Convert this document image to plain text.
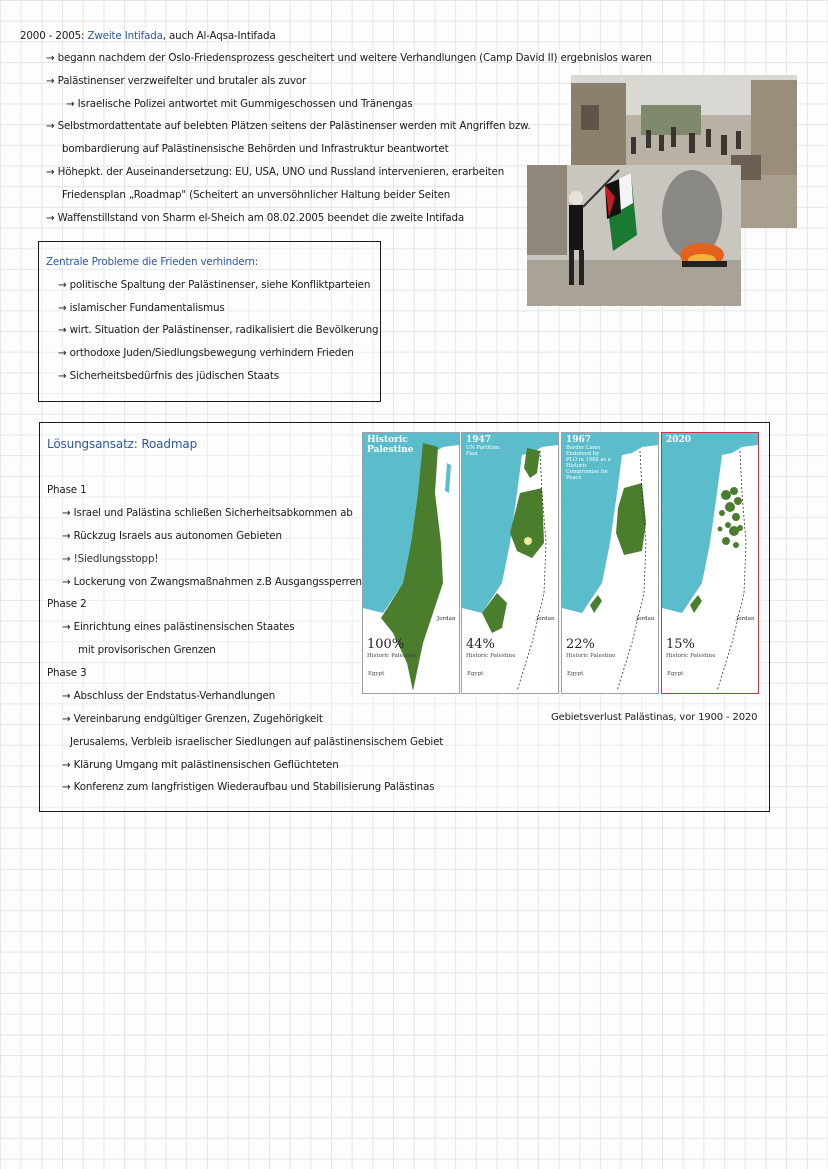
2000 - 2005: Zweite Intifada, auch Al-Aqsa-Intifada
→ begann nachdem der Oslo-Friedensprozess gescheitert und weitere Verhandlungen (Camp David II) ergebnislos waren
→ Palästinenser verzweifelter und brutaler als zuvor
→ Israelische Polizei antwortet mit Gummigeschossen und Tränengas
→ Selbstmordattentate auf belebten Plätzen seitens der Palästinenser werden mit Angriffen bzw.
bombardierung auf Palästinensische Behörden und Infrastruktur beantwortet
→ Höhepkt. der Auseinandersetzung: EU, USA, UNO und Russland intervenieren, erarbeiten
Friedensplan „Roadmap" (Scheitert an unversöhnlicher Haltung beider Seiten
→ Waffenstillstand von Sharm el-Sheich am 08.02.2005 beendet die zweite Intifada
Zentrale Probleme die Frieden verhindern:
→ politische Spaltung der Palästinenser, siehe Konfliktparteien
→ islamischer Fundamentalismus
→ wirt. Situation der Palästinenser, radikalisiert die Bevölkerung
→ orthodoxe Juden/Siedlungsbewegung verhindern Frieden
→ Sicherheitsbedürfnis des jüdischen Staats
Lösungsansatz: Roadmap
Phase 1
→ Israel und Palästina schließen Sicherheitsabkommen ab
→ Rückzug Israels aus autonomen Gebieten
→ !Siedlungsstopp!
→ Lockerung von Zwangsmaßnahmen z.B Ausgangssperren
Phase 2
→ Einrichtung eines palästinensischen Staates
mit provisorischen Grenzen
Phase 3
→ Abschluss der Endstatus-Verhandlungen
→ Vereinbarung endgültiger Grenzen, Zugehörigkeit
Jerusalems, Verbleib israelischer Siedlungen auf palästinensischem Gebiet
→ Klärung Umgang mit palästinensischen Geflüchteten
→ Konferenz zum langfristigen Wiederaufbau und Stabilisierung Palästinas
Historic Palestine
Jordan
100%
Historic Palestine
Egypt
1947
UN Partition Plan
Jordan
44%
Historic Palestine
Egypt
1967
Border Lines Endorsed by PLO in 1988 as a Historic Compromise for Peace
Jordan
22%
Historic Palestine
Egypt
2020
Jordan
15%
Historic Palestine
Egypt
Gebietsverlust Palästinas, vor 1900 - 2020
